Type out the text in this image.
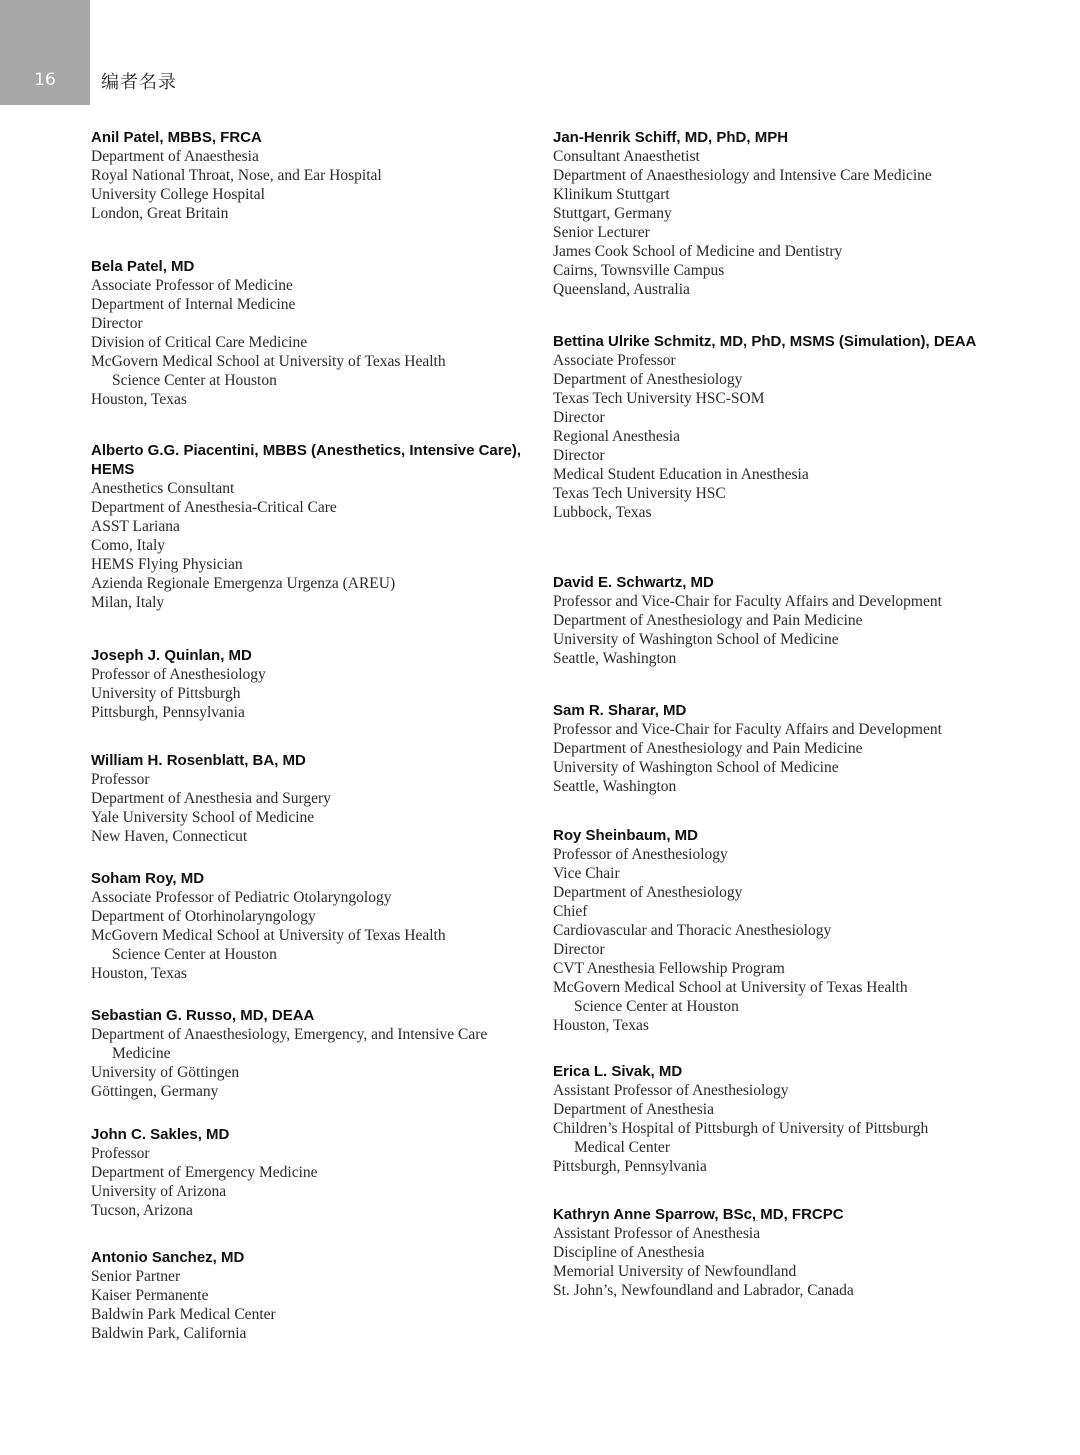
16	编者名录
Anil Patel, MBBS, FRCA
Department of Anaesthesia
Royal National Throat, Nose, and Ear Hospital
University College Hospital
London, Great Britain
Bela Patel, MD
Associate Professor of Medicine
Department of Internal Medicine
Director
Division of Critical Care Medicine
McGovern Medical School at University of Texas Health
Science Center at Houston
Houston, Texas
Alberto G.G. Piacentini, MBBS (Anesthetics, Intensive Care), HEMS
Anesthetics Consultant
Department of Anesthesia-Critical Care
ASST Lariana
Como, Italy
HEMS Flying Physician
Azienda Regionale Emergenza Urgenza (AREU)
Milan, Italy
Joseph J. Quinlan, MD
Professor of Anesthesiology
University of Pittsburgh
Pittsburgh, Pennsylvania
William H. Rosenblatt, BA, MD
Professor
Department of Anesthesia and Surgery
Yale University School of Medicine
New Haven, Connecticut
Soham Roy, MD
Associate Professor of Pediatric Otolaryngology
Department of Otorhinolaryngology
McGovern Medical School at University of Texas Health
Science Center at Houston
Houston, Texas
Sebastian G. Russo, MD, DEAA
Department of Anaesthesiology, Emergency, and Intensive Care
Medicine
University of Göttingen
Göttingen, Germany
John C. Sakles, MD
Professor
Department of Emergency Medicine
University of Arizona
Tucson, Arizona
Antonio Sanchez, MD
Senior Partner
Kaiser Permanente
Baldwin Park Medical Center
Baldwin Park, California
Jan-Henrik Schiff, MD, PhD, MPH
Consultant Anaesthetist
Department of Anaesthesiology and Intensive Care Medicine
Klinikum Stuttgart
Stuttgart, Germany
Senior Lecturer
James Cook School of Medicine and Dentistry
Cairns, Townsville Campus
Queensland, Australia
Bettina Ulrike Schmitz, MD, PhD, MSMS (Simulation), DEAA
Associate Professor
Department of Anesthesiology
Texas Tech University HSC-SOM
Director
Regional Anesthesia
Director
Medical Student Education in Anesthesia
Texas Tech University HSC
Lubbock, Texas
David E. Schwartz, MD
Professor and Vice-Chair for Faculty Affairs and Development
Department of Anesthesiology and Pain Medicine
University of Washington School of Medicine
Seattle, Washington
Sam R. Sharar, MD
Professor and Vice-Chair for Faculty Affairs and Development
Department of Anesthesiology and Pain Medicine
University of Washington School of Medicine
Seattle, Washington
Roy Sheinbaum, MD
Professor of Anesthesiology
Vice Chair
Department of Anesthesiology
Chief
Cardiovascular and Thoracic Anesthesiology
Director
CVT Anesthesia Fellowship Program
McGovern Medical School at University of Texas Health
Science Center at Houston
Houston, Texas
Erica L. Sivak, MD
Assistant Professor of Anesthesiology
Department of Anesthesia
Children’s Hospital of Pittsburgh of University of Pittsburgh
Medical Center
Pittsburgh, Pennsylvania
Kathryn Anne Sparrow, BSc, MD, FRCPC
Assistant Professor of Anesthesia
Discipline of Anesthesia
Memorial University of Newfoundland
St. John’s, Newfoundland and Labrador, Canada
